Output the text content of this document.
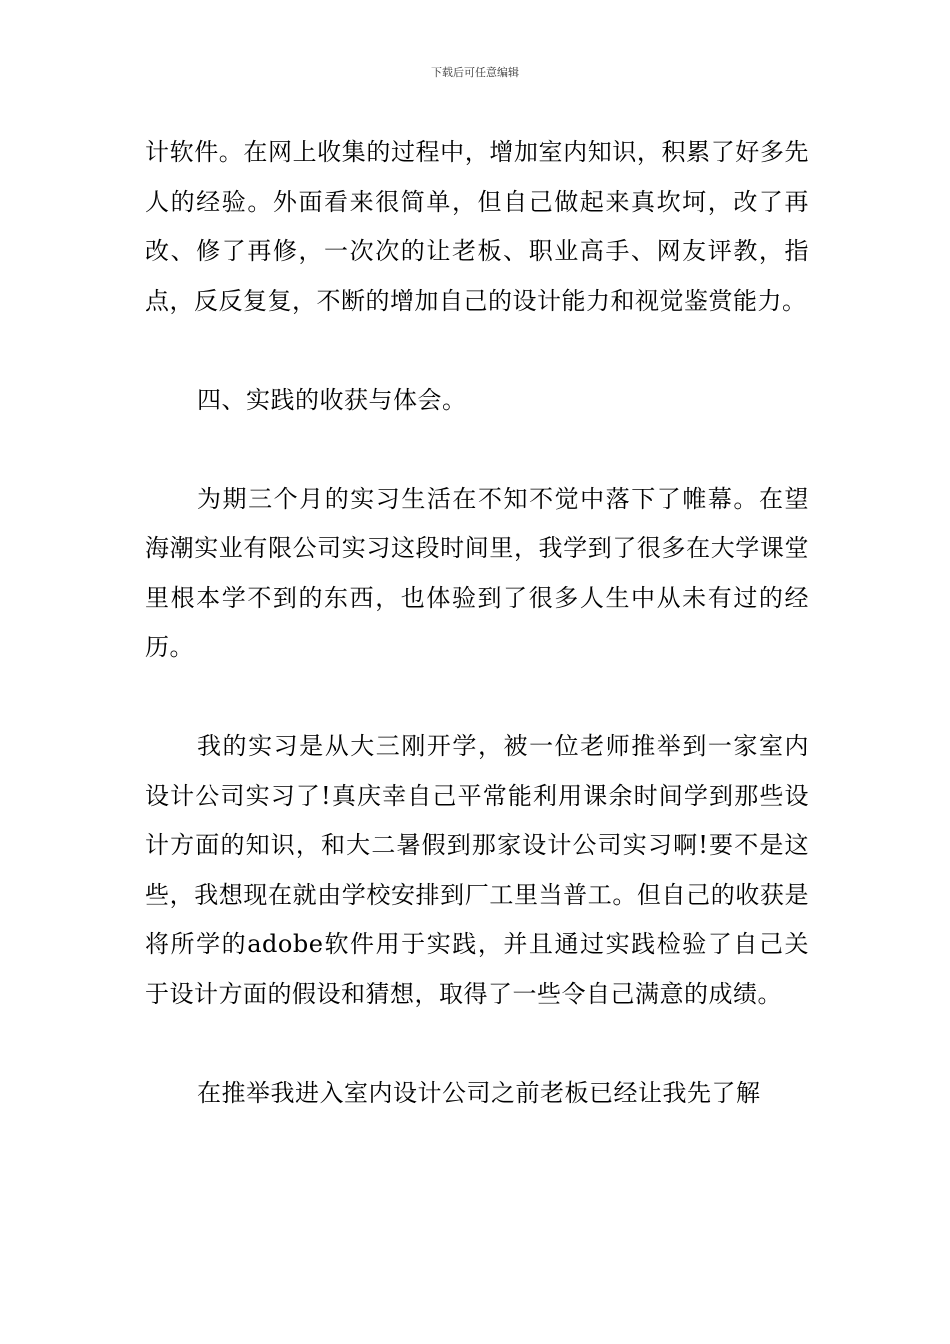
下载后可任意编辑

计软件。在网上收集的过程中，增加室内知识，积累了好多先人的经验。外面看来很简单，但自己做起来真坎坷，改了再改、修了再修，一次次的让老板、职业高手、网友评教，指点，反反复复，不断的增加自己的设计能力和视觉鉴赏能力。

四、实践的收获与体会。

为期三个月的实习生活在不知不觉中落下了帷幕。在望海潮实业有限公司实习这段时间里，我学到了很多在大学课堂里根本学不到的东西，也体验到了很多人生中从未有过的经历。

我的实习是从大三刚开学，被一位老师推举到一家室内设计公司实习了!真庆幸自己平常能利用课余时间学到那些设计方面的知识，和大二暑假到那家设计公司实习啊!要不是这些，我想现在就由学校安排到厂工里当普工。但自己的收获是将所学的adobe软件用于实践，并且通过实践检验了自己关于设计方面的假设和猜想，取得了一些令自己满意的成绩。

在推举我进入室内设计公司之前老板已经让我先了解
